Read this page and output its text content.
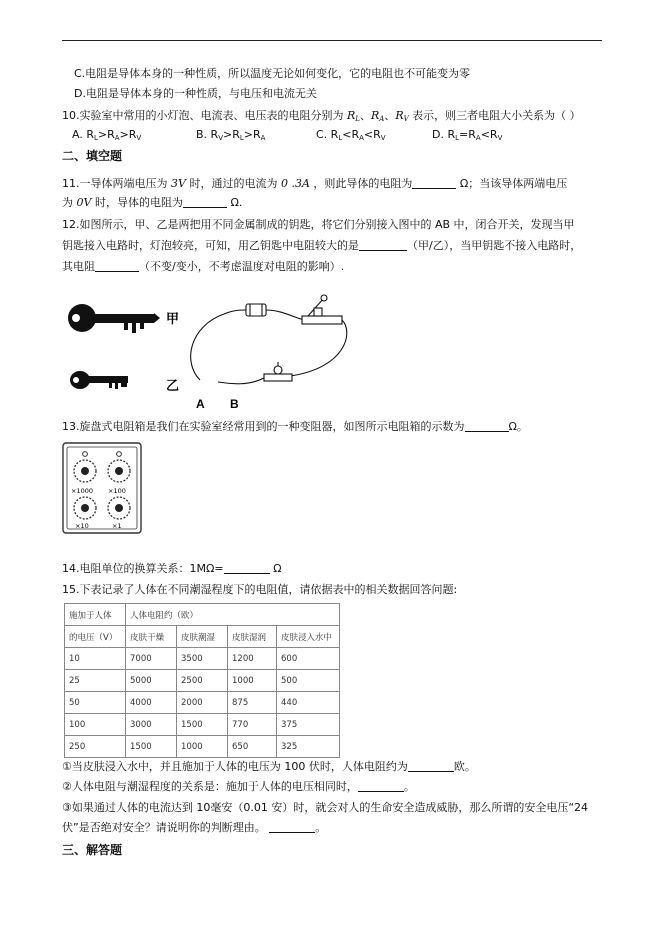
C.电阻是导体本身的一种性质，所以温度无论如何变化，它的电阻也不可能变为零
D.电阻是导体本身的一种性质，与电压和电流无关
10.实验室中常用的小灯泡、电流表、电压表的电阻分别为 $R_L$、$R_A$、$R_V$ 表示，则三者电阻大小关系为（ ）
A. $R_L>R_A>R_V$	B. $R_V>R_L>R_A$	C. $R_L<R_A<R_V$	D. $R_L=R_A<R_V$
二、填空题
11.一导体两端电压为 3V 时，通过的电流为 0 .3A ，则此导体的电阻为	Ω；当该导体两端电压
为 0V 时，导体的电阻为	Ω.
12.如图所示，甲、乙是两把用不同金属制成的钥匙，将它们分别接入图中的 AB 中，闭合开关，发现当甲
钥匙接入电路时，灯泡较亮，可知，用乙钥匙中电阻较大的是	（甲/乙），当甲钥匙不接入电路时，
其电阻	（不变/变小，不考虑温度对电阻的影响）.
甲
乙
A B
13.旋盘式电阻箱是我们在实验室经常用到的一种变阻器，如图所示电阻箱的示数为	Ω。
×1000 ×100
×10	×1
14.电阻单位的换算关系：1MΩ=	Ω
15.下表记录了人体在不同潮湿程度下的电阻值，请依据表中的相关数据回答问题:
施加于人体	人体电阻约（欧）			
的电压（V）	皮肤干燥	皮肤潮湿	皮肤湿润	皮肤浸入水中
10	7000	3500	1200	600
25	5000	2500	1000	500
50	4000	2000	875	440
100	3000	1500	770	375
250	1500	1000	650	325
①当皮肤浸入水中，并且施加于人体的电压为 100 伏时，人体电阻约为	欧。
②人体电阻与潮湿程度的关系是：施加于人体的电压相同时，	。
③如果通过人体的电流达到 10毫安（0.01 安）时，就会对人的生命安全造成威胁，那么所谓的安全电压“24
伏”是否绝对安全？请说明你的判断理由。	。
三、解答题
